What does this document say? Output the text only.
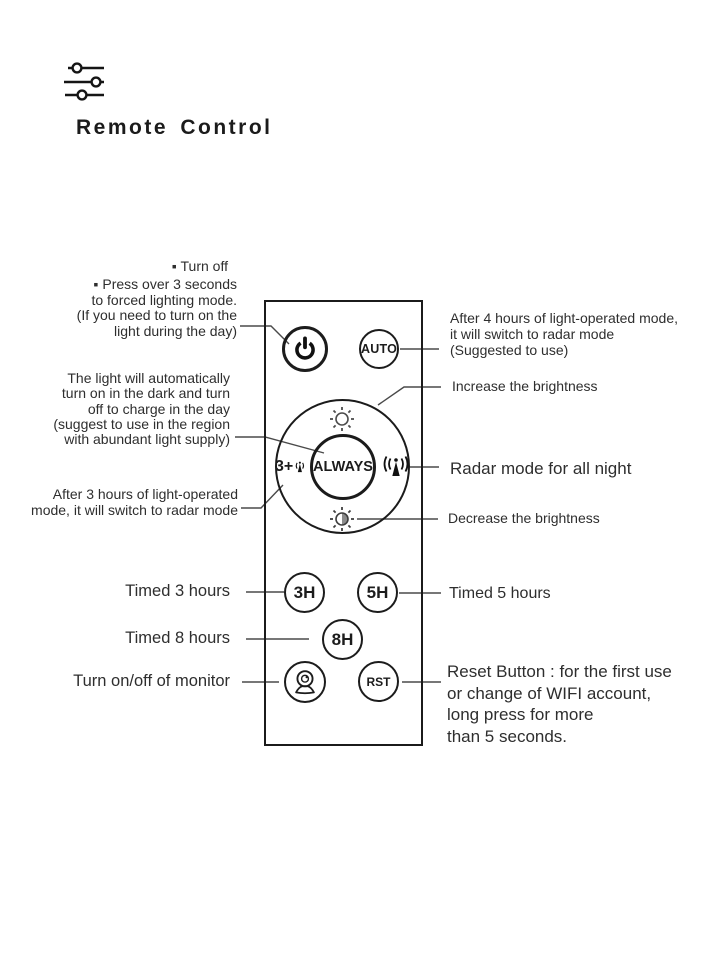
Remote Control
AUTO
ALWAYS
3+
3H	5H
8H
RST
▪ Turn off
▪ Press over 3 seconds
to forced lighting mode.
(If you need to turn on the
light during the day)
The light will automatically
turn on in the dark and turn
off to charge in the day
(suggest to use in the region
with abundant light supply)
After 3 hours of light-operated
mode, it will switch to radar mode
Timed 3 hours
Timed 8 hours
Turn on/off of monitor
After 4 hours of light-operated mode,
it will switch to radar mode
(Suggested to use)
Increase the brightness
Radar mode for all night
Decrease the brightness
Timed 5 hours
Reset Button : for the first use
or change of WIFI account,
long press for more
than 5 seconds.
